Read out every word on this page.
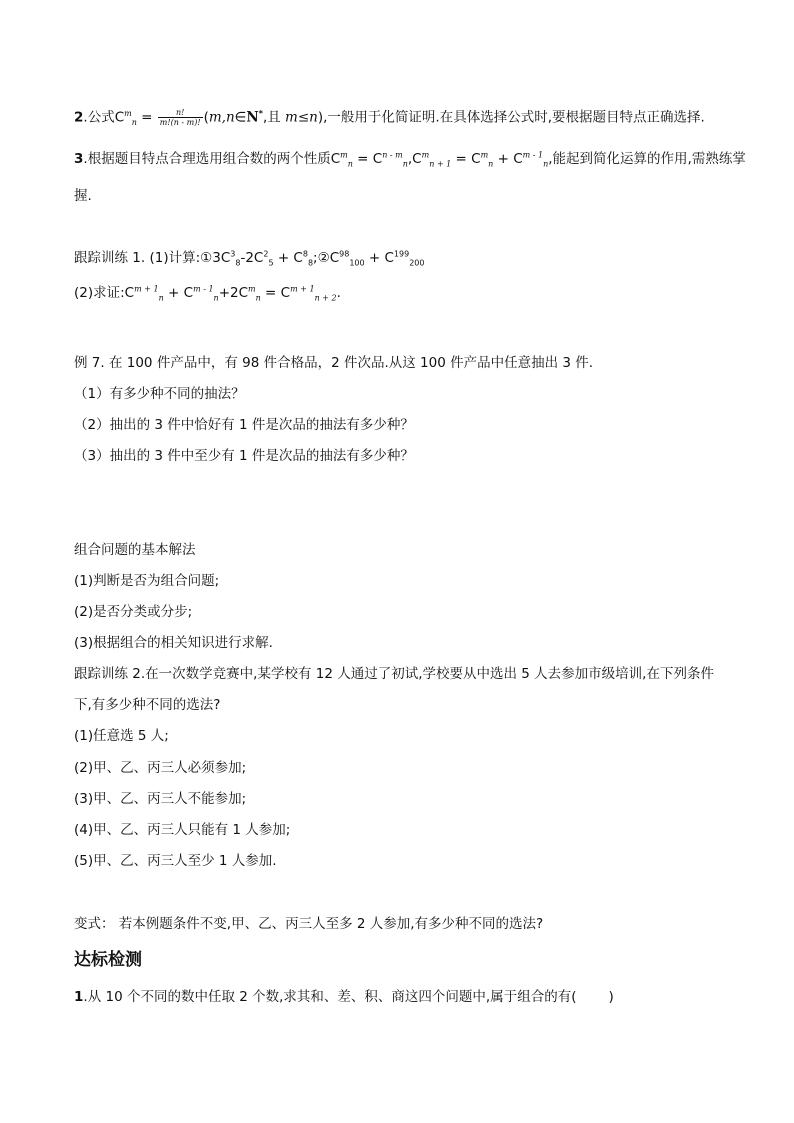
2.公式$C^m_n = \frac{n!}{m!(n - m)!}$ (m,n∈N*,且 m≤n),一般用于化简证明.在具体选择公式时,要根据题目特点正确选择.
3.根据题目特点合理选用组合数的两个性质$C^m_n = C^{n - m}_n,C^m_{n + 1} = C^m_n + C^{m - 1}_n$,能起到简化运算的作用,需熟练掌
握.
跟踪训练 1. (1)计算$:①3C^3_8-2C^2_5$ + $C^8_8;②C^{98}_{100} + C^{199}_{200}$
(2)求证$:C^{m + 1}_n + C^{m - 1}_n+2C^m_n = C^{m + 1}_{n + 2}$.
例 7. 在 100 件产品中，有 98 件合格品，2 件次品.从这 100 件产品中任意抽出 3 件.
（1）有多少种不同的抽法？
（2）抽出的 3 件中恰好有 1 件是次品的抽法有多少种？
（3）抽出的 3 件中至少有 1 件是次品的抽法有多少种？
组合问题的基本解法
(1)判断是否为组合问题;
(2)是否分类或分步;
(3)根据组合的相关知识进行求解.
跟踪训练 2.在一次数学竞赛中,某学校有 12 人通过了初试,学校要从中选出 5 人去参加市级培训,在下列条件
下,有多少种不同的选法?
(1)任意选 5 人;
(2)甲、乙、丙三人必须参加;
(3)甲、乙、丙三人不能参加;
(4)甲、乙、丙三人只能有 1 人参加;
(5)甲、乙、丙三人至少 1 人参加.
变式： 若本例题条件不变,甲、乙、丙三人至多 2 人参加,有多少种不同的选法?
达标检测
1.从 10 个不同的数中任取 2 个数,求其和、差、积、商这四个问题中,属于组合的有( )
